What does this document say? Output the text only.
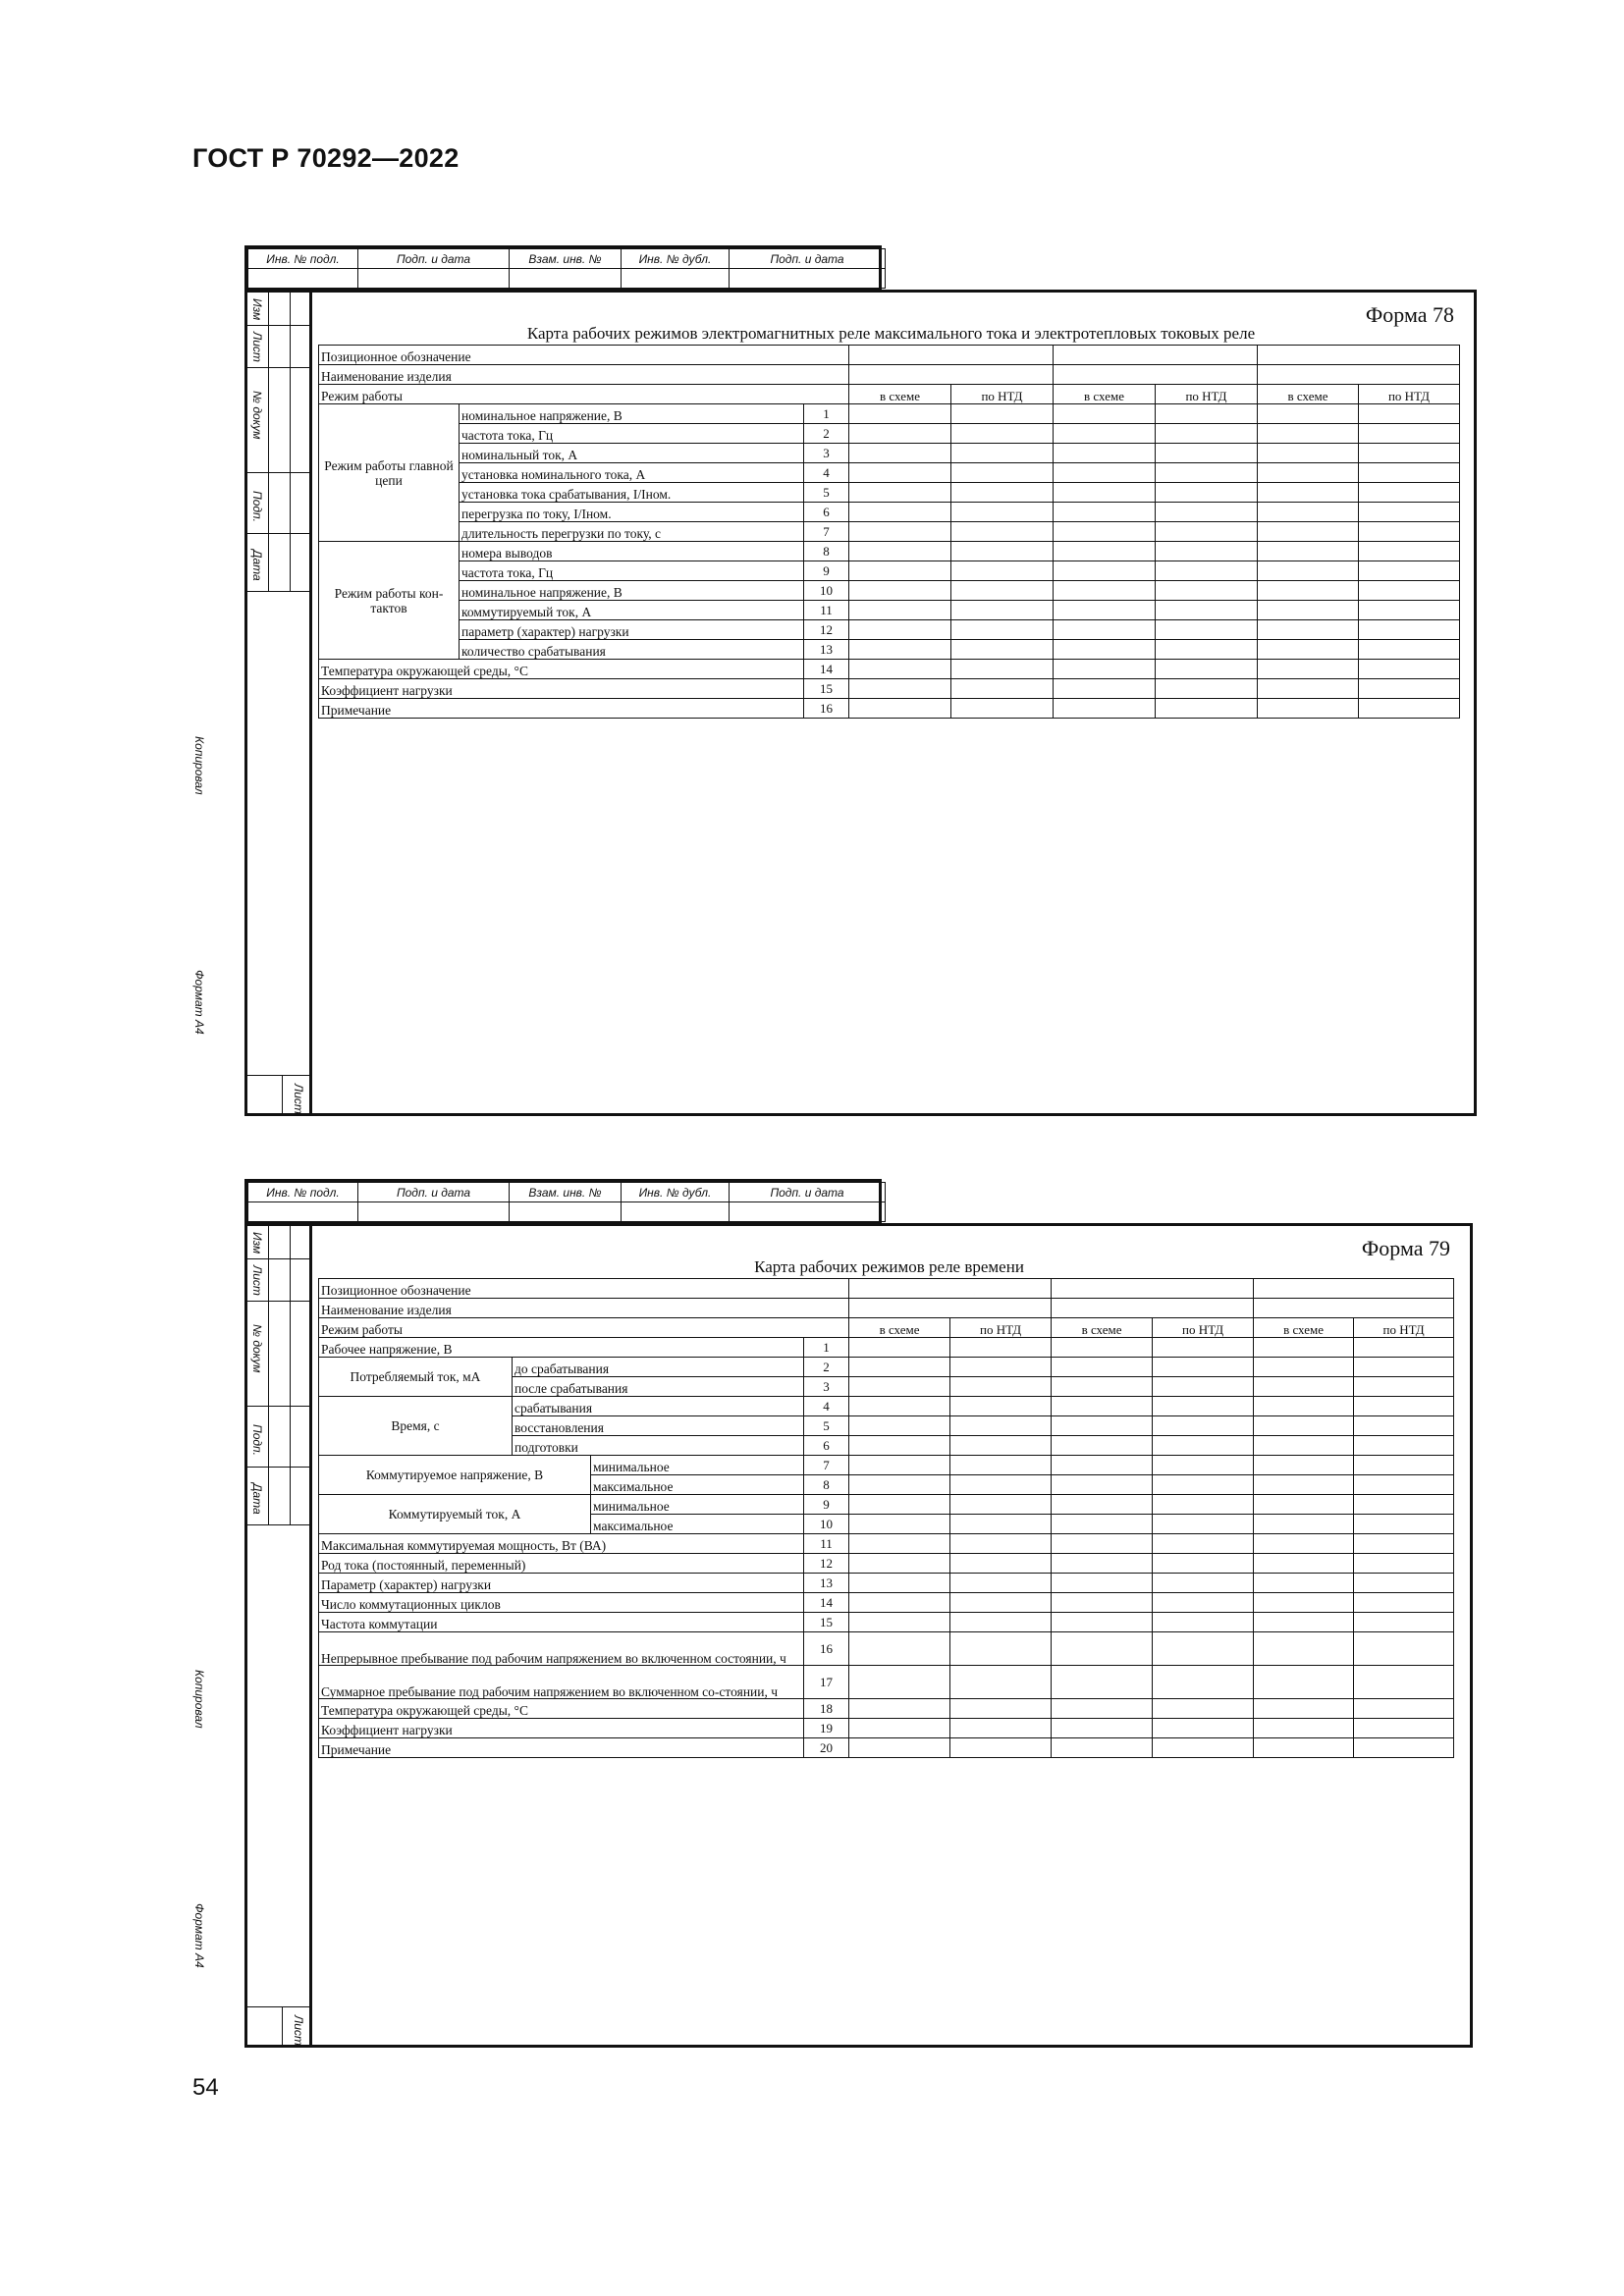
ГОСТ Р 70292—2022
Инв. № подл.	Подп. и дата	Взам. инв. №	Инв. № дубл.	Подп. и дата

Изм
Лист
№ докум
Подп.
Дата
Копировал
Формат А4
Лист
Форма 78
Карта рабочих режимов электромагнитных реле максимального тока и электротепловых токовых реле
Позиционное обозначение								
Наименование изделия								
Режим работы			в схеме	по НТД	в схеме	по НТД	в схеме	по НТД
Режим работы главной цепи	номинальное напряжение, В	1						
	частота тока, Гц	2						
	номинальный ток, А	3						
	установка номинального тока, А	4						
	установка тока срабатывания, I/Iном.	5						
	перегрузка по току, I/Iном.	6						
	длительность перегрузки по току, с	7						
Режим работы кон-тактов	номера выводов	8						
	частота тока, Гц	9						
	номинальное напряжение, В	10						
	коммутируемый ток, А	11						
	параметр (характер) нагрузки	12						
	количество срабатывания	13						
Температура окружающей среды, °С		14						
Коэффициент нагрузки		15						
Примечание		16						
Инв. № подл.	Подп. и дата	Взам. инв. №	Инв. № дубл.	Подп. и дата

Изм
Лист
№ докум
Подп.
Дата
Копировал
Формат А4
Лист
Форма 79
Карта рабочих режимов реле времени
Позиционное обозначение									
Наименование изделия									
Режим работы				в схеме	по НТД	в схеме	по НТД	в схеме	по НТД
Рабочее напряжение, В			1						
Потребляемый ток, мА	до срабатывания		2						
	после срабатывания		3						
Время, с	срабатывания		4						
	восстановления		5						
	подготовки		6						
Коммутируемое напряжение, В		минимальное	7						
		максимальное	8						
Коммутируемый ток, А		минимальное	9						
		максимальное	10						
Максимальная коммутируемая мощность, Вт (ВА)			11						
Род тока (постоянный, переменный)			12						
Параметр (характер) нагрузки			13						
Число коммутационных циклов			14						
Частота коммутации			15						
Непрерывное пребывание под рабочим напряжением во включенном состоянии, ч			16						
Суммарное пребывание под рабочим напряжением во включенном со-стоянии, ч			17						
Температура окружающей среды, °С			18						
Коэффициент нагрузки			19						
Примечание			20						
54
